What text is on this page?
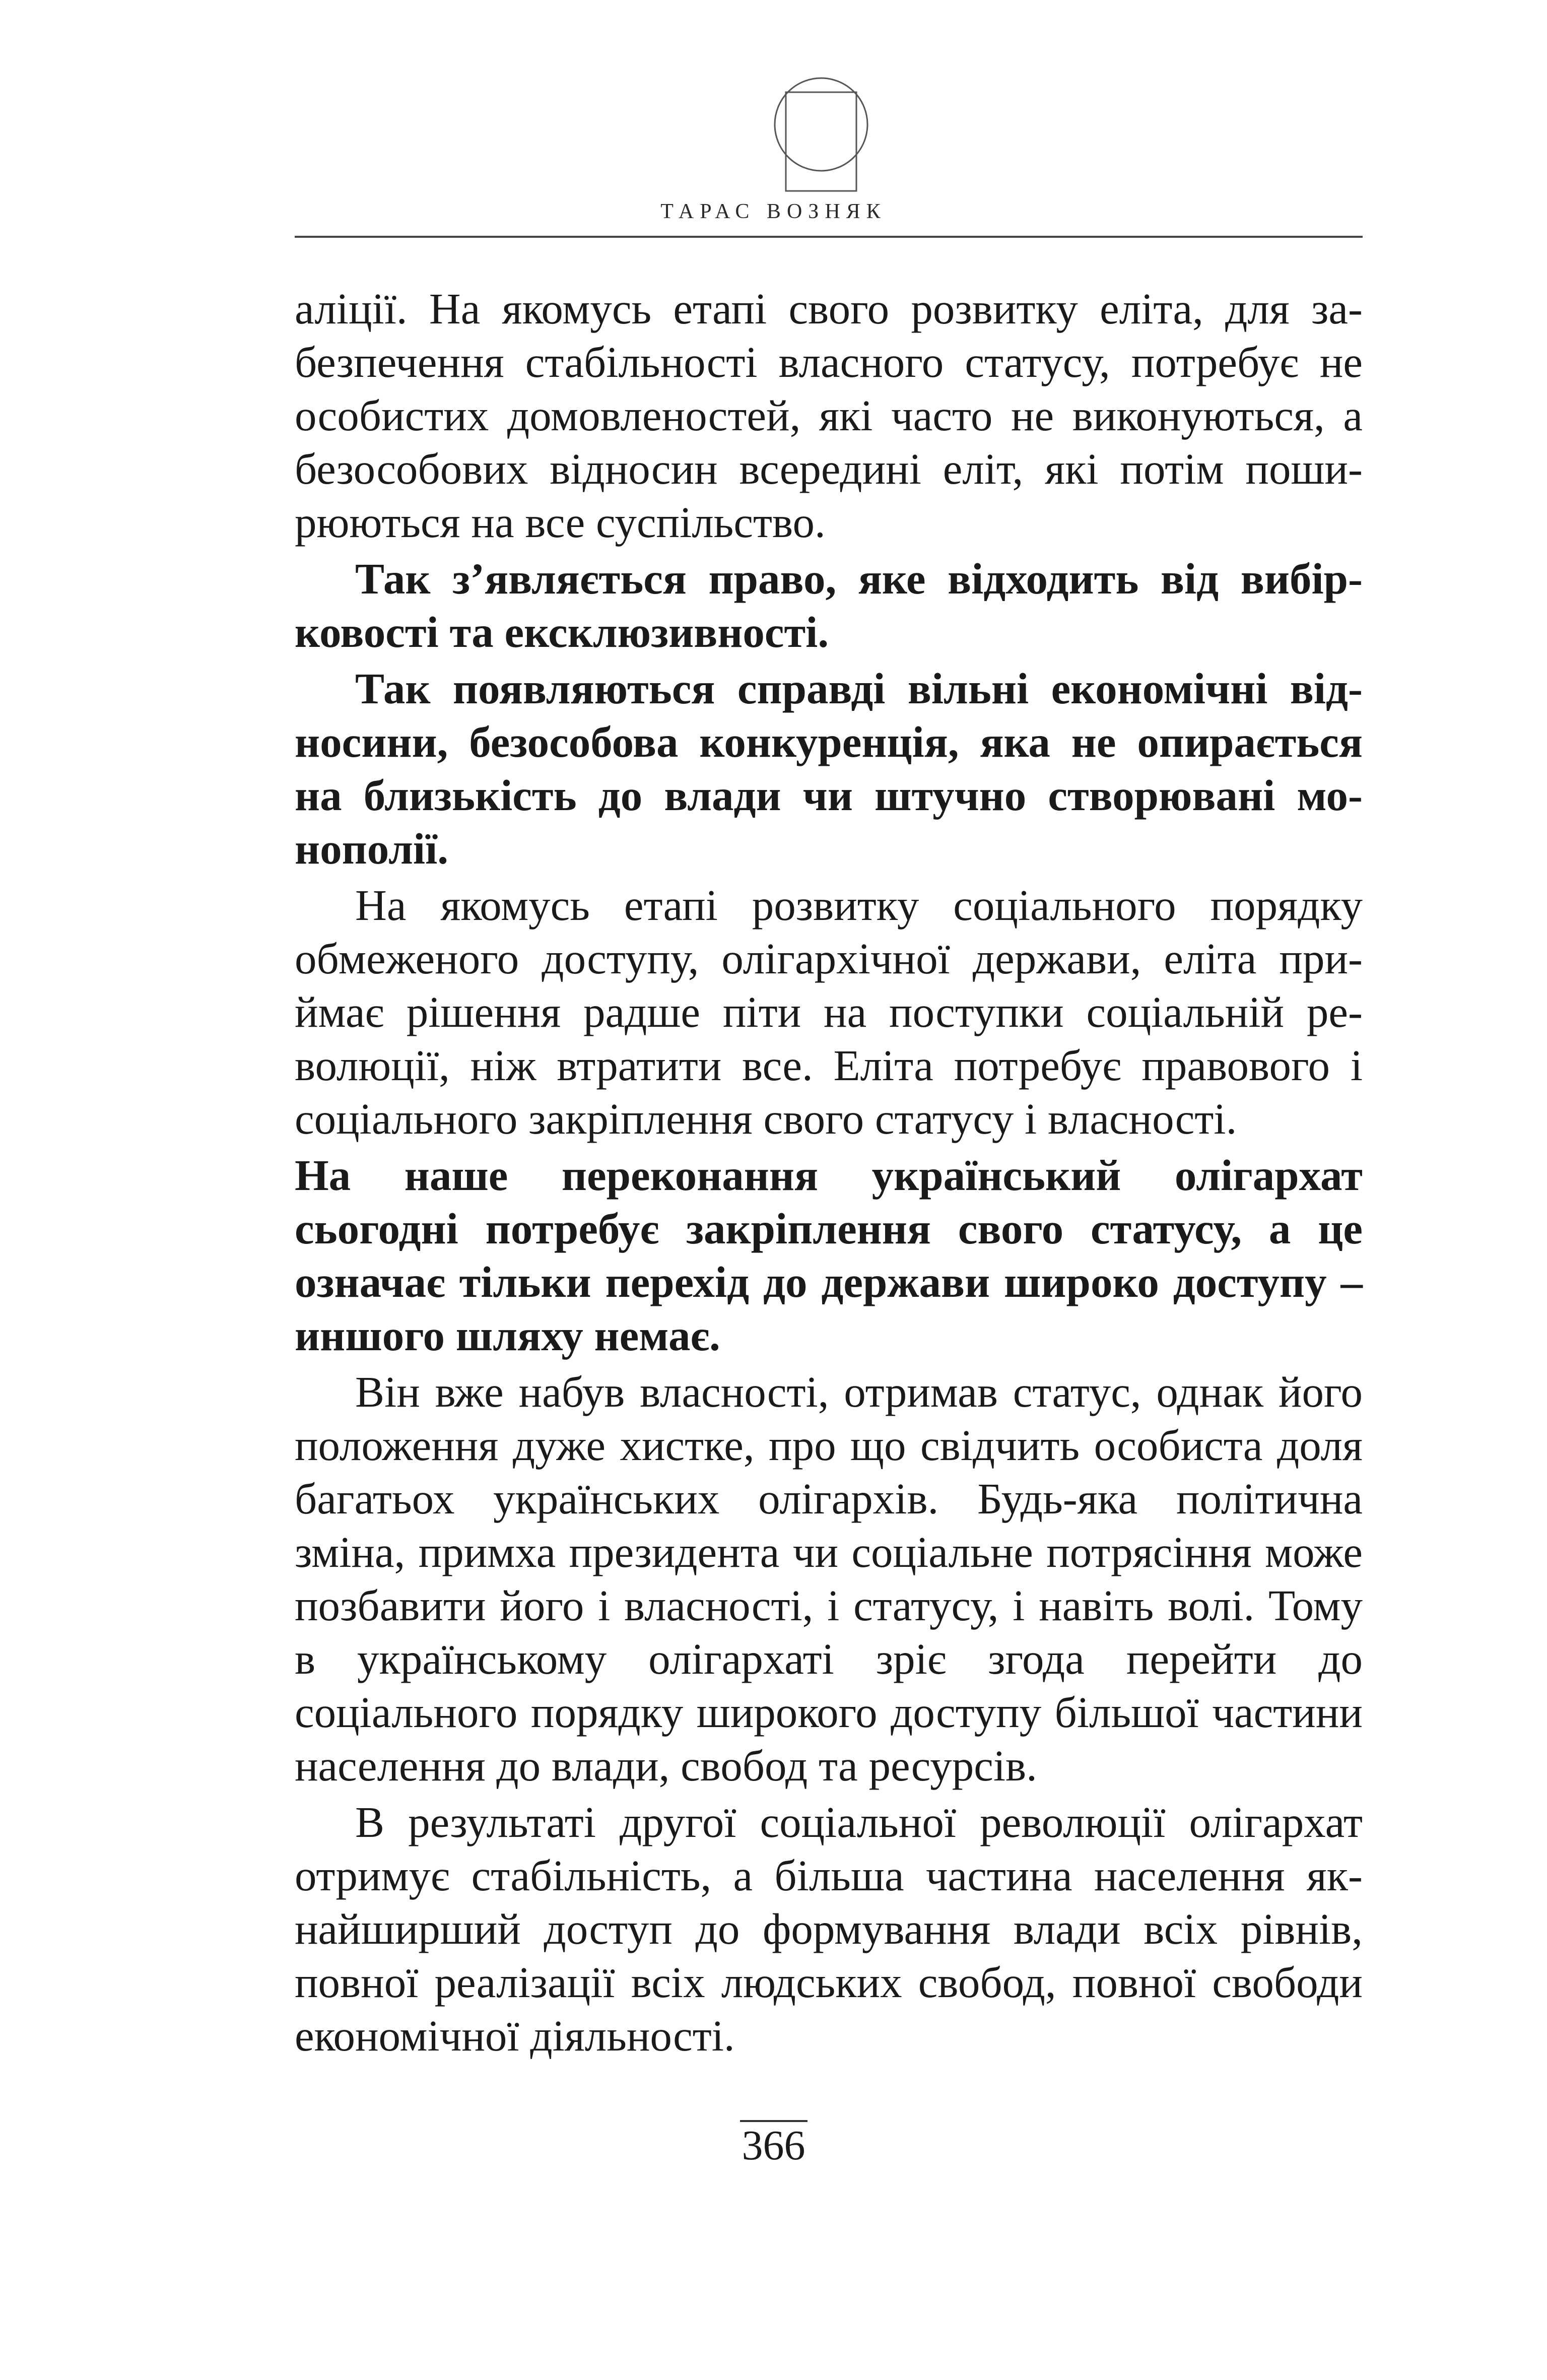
ТАРАС ВОЗНЯК

аліції. На якомусь етапі свого розвитку еліта, для забезпечення стабільності власного статусу, потребує не особистих домовленостей, які часто не виконуються, а безособових відносин всередині еліт, які потім поширюються на все суспільство.

Так з’являється право, яке відходить від вибірковості та ексклюзивності.

Так появляються справді вільні економічні відносини, безособова конкуренція, яка не опирається на близькість до влади чи штучно створювані монополії.

На якомусь етапі розвитку соціального порядку обмеженого доступу, олігархічної держави, еліта приймає рішення радше піти на поступки соціальній революції, ніж втратити все. Еліта потребує правового і соціального закріплення свого статусу і власності.

На наше переконання український олігархат сьогодні потребує закріплення свого статусу, а це означає тільки перехід до держави широко доступу – иншого шляху немає.

Він вже набув власності, отримав статус, однак його положення дуже хистке, про що свідчить особиста доля багатьох українських олігархів. Будь-яка політична зміна, примха президента чи соціальне потрясіння може позбавити його і власності, і статусу, і навіть волі. Тому в українському олігархаті зріє згода перейти до соціального порядку широкого доступу більшої частини населення до влади, свобод та ресурсів.

В результаті другої соціальної революції олігархат отримує стабільність, а більша частина населення якнайширший доступ до формування влади всіх рівнів, повної реалізації всіх людських свобод, повної свободи економічної діяльності.

366
